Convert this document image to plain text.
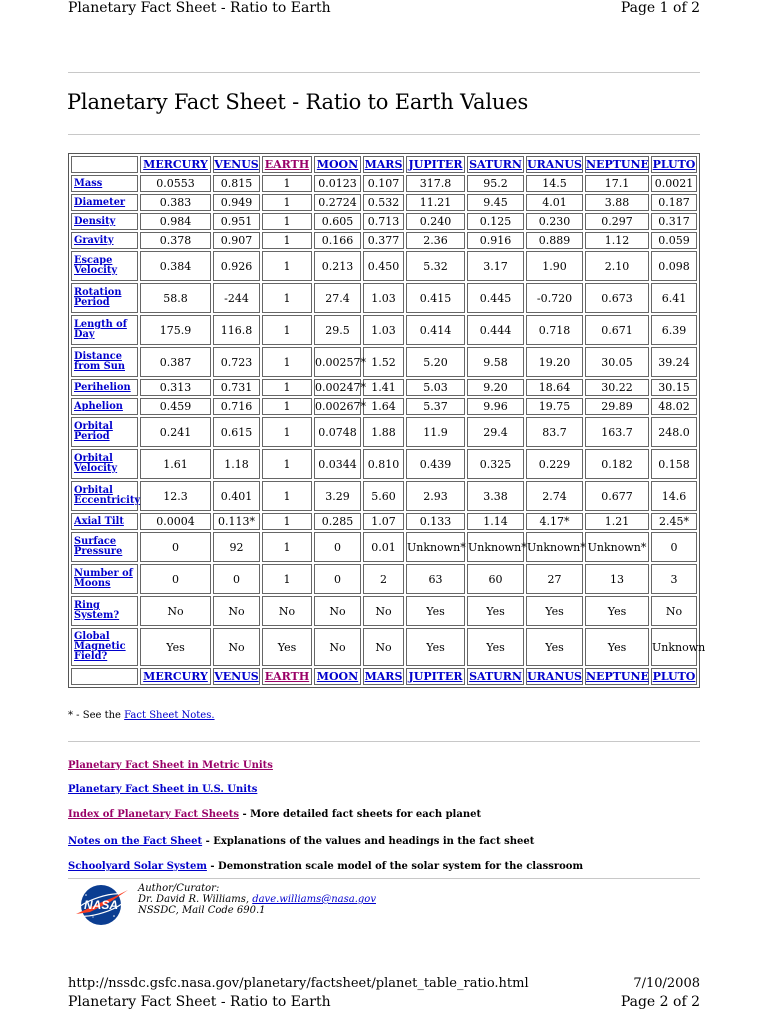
Planetary Fact Sheet - Ratio to Earth	Page 1 of 2
Planetary Fact Sheet - Ratio to Earth Values
	MERCURY	VENUS	EARTH	MOON	MARS	JUPITER	SATURN	URANUS	NEPTUNE	PLUTO
Mass	0.0553	0.815	1	0.0123	0.107	317.8	95.2	14.5	17.1	0.0021
Diameter	0.383	0.949	1	0.2724	0.532	11.21	9.45	4.01	3.88	0.187
Density	0.984	0.951	1	0.605	0.713	0.240	0.125	0.230	0.297	0.317
Gravity	0.378	0.907	1	0.166	0.377	2.36	0.916	0.889	1.12	0.059
Escape Velocity	0.384	0.926	1	0.213	0.450	5.32	3.17	1.90	2.10	0.098
Rotation Period	58.8	-244	1	27.4	1.03	0.415	0.445	-0.720	0.673	6.41
Length of Day	175.9	116.8	1	29.5	1.03	0.414	0.444	0.718	0.671	6.39
Distance from Sun	0.387	0.723	1	0.00257*	1.52	5.20	9.58	19.20	30.05	39.24
Perihelion	0.313	0.731	1	0.00247*	1.41	5.03	9.20	18.64	30.22	30.15
Aphelion	0.459	0.716	1	0.00267*	1.64	5.37	9.96	19.75	29.89	48.02
Orbital Period	0.241	0.615	1	0.0748	1.88	11.9	29.4	83.7	163.7	248.0
Orbital Velocity	1.61	1.18	1	0.0344	0.810	0.439	0.325	0.229	0.182	0.158
Orbital Eccentricity	12.3	0.401	1	3.29	5.60	2.93	3.38	2.74	0.677	14.6
Axial Tilt	0.0004	0.113*	1	0.285	1.07	0.133	1.14	4.17*	1.21	2.45*
Surface Pressure	0	92	1	0	0.01	Unknown*	Unknown*	Unknown*	Unknown*	0
Number of Moons	0	0	1	0	2	63	60	27	13	3
Ring System?	No	No	No	No	No	Yes	Yes	Yes	Yes	No
Global Magnetic Field?	Yes	No	Yes	No	No	Yes	Yes	Yes	Yes	Unknown
	MERCURY	VENUS	EARTH	MOON	MARS	JUPITER	SATURN	URANUS	NEPTUNE	PLUTO
* - See the Fact Sheet Notes.
Planetary Fact Sheet in Metric Units
Planetary Fact Sheet in U.S. Units
Index of Planetary Fact Sheets - More detailed fact sheets for each planet
Notes on the Fact Sheet - Explanations of the values and headings in the fact sheet
Schoolyard Solar System - Demonstration scale model of the solar system for the classroom
NASA
Author/Curator:
Dr. David R. Williams, dave.williams@nasa.gov
NSSDC, Mail Code 690.1
http://nssdc.gsfc.nasa.gov/planetary/factsheet/planet_table_ratio.html	7/10/2008
Planetary Fact Sheet - Ratio to Earth	Page 2 of 2
